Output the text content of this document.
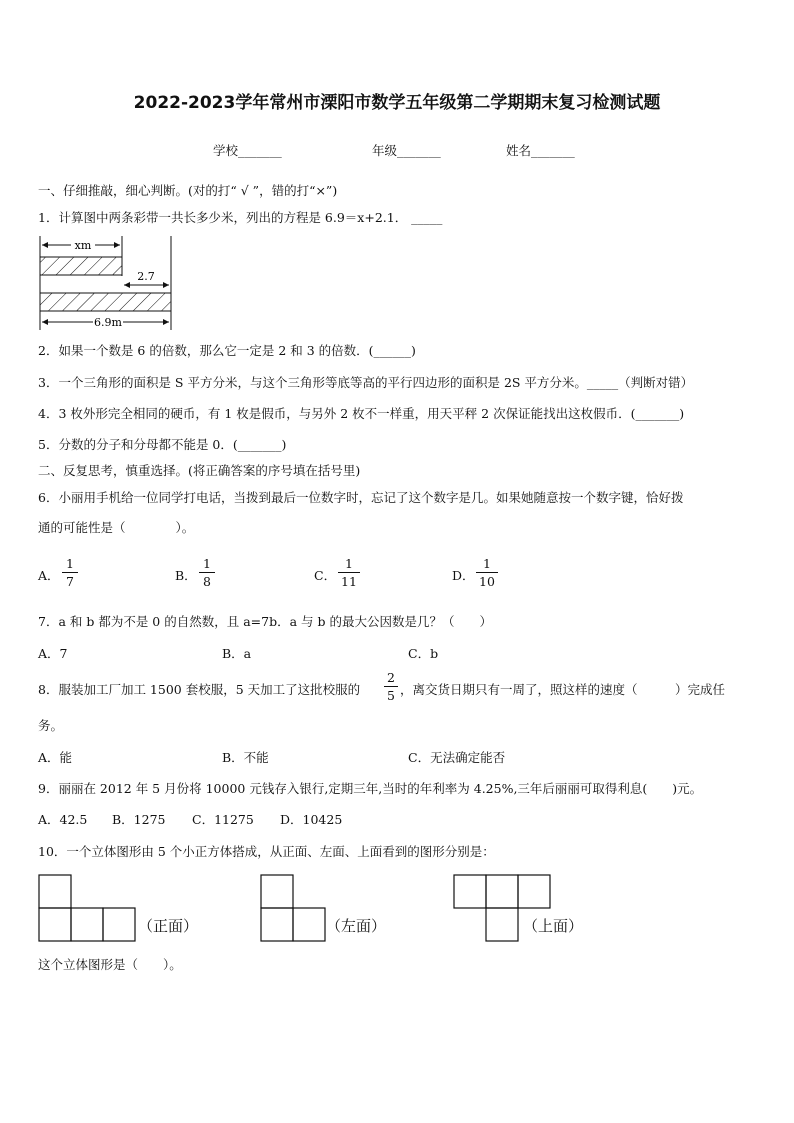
2022-2023学年常州市溧阳市数学五年级第二学期期末复习检测试题
学校_______	年级_______	姓名_______
一、仔细推敲，细心判断。(对的打“ √ ”，错的打“×”)
1．计算图中两条彩带一共长多少米，列出的方程是 6.9＝x+2.1． _____
xm
2.7
6.9m
2．如果一个数是 6 的倍数，那么它一定是 2 和 3 的倍数．(______)
3．一个三角形的面积是 S 平方分米，与这个三角形等底等高的平行四边形的面积是 2S 平方分米。_____（判断对错）
4．3 枚外形完全相同的硬币，有 1 枚是假币，与另外 2 枚不一样重，用天平秤 2 次保证能找出这枚假币．(_______)
5．分数的分子和分母都不能是 0．(_______)
二、反复思考，慎重选择。(将正确答案的序号填在括号里)
6．小丽用手机给一位同学打电话，当拨到最后一位数字时，忘记了这个数字是几。如果她随意按一个数字键，恰好拨
通的可能性是（　　　　）。
A．
1
7	B．
1
8	C．
1
11	D．
1
10
7．a 和 b 都为不是 0 的自然数，且 a=7b．a 与 b 的最大公因数是几？（　　）
A．7	B．a	C．b
8．服装加工厂加工 1500 套校服，5 天加工了这批校服的
2
5 ，离交货日期只有一周了，照这样的速度（　　　）完成任
务。
A．能	B．不能	C．无法确定能否
9．丽丽在 2012 年 5 月份将 10000 元钱存入银行,定期三年,当时的年利率为 4.25%,三年后丽丽可取得利息(　　)元。
A．42.5 B．1275 C．11275 D．10425
10．一个立体图形由 5 个小正方体搭成，从正面、左面、上面看到的图形分别是：
（正面）	（左面）	（上面）
这个立体图形是（　　）。
